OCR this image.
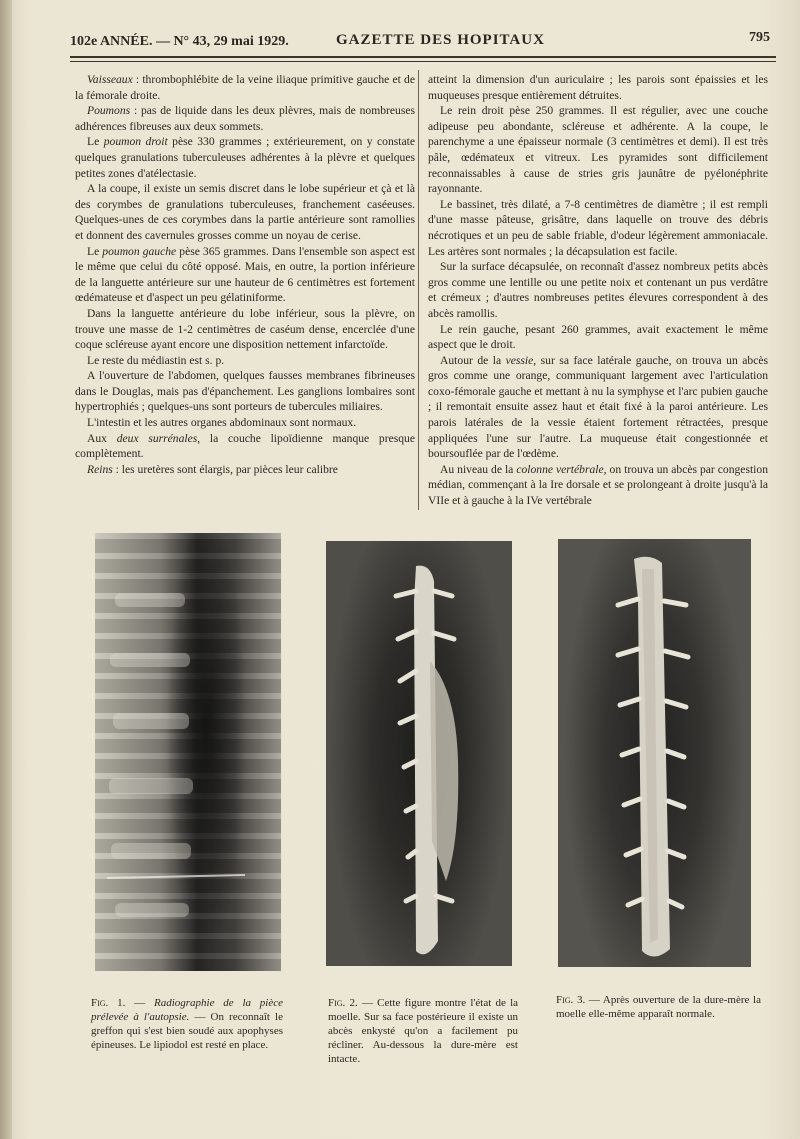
102e ANNÉE. — N° 43, 29 mai 1929.	GAZETTE DES HOPITAUX	795

Vaisseaux : thrombophlébite de la veine iliaque primitive gauche et de la fémorale droite.

Poumons : pas de liquide dans les deux plèvres, mais de nombreuses adhérences fibreuses aux deux sommets.

Le poumon droit pèse 330 grammes ; extérieurement, on y constate quelques granulations tuberculeuses adhérentes à la plèvre et quelques petites zones d'atélectasie.

A la coupe, il existe un semis discret dans le lobe supérieur et çà et là des corymbes de granulations tuberculeuses, franchement caséeuses. Quelques-unes de ces corymbes dans la partie antérieure sont ramollies et donnent des cavernules grosses comme un noyau de cerise.

Le poumon gauche pèse 365 grammes. Dans l'ensemble son aspect est le même que celui du côté opposé. Mais, en outre, la portion inférieure de la languette antérieure sur une hauteur de 6 centimètres est fortement œdémateuse et d'aspect un peu gélatiniforme.

Dans la languette antérieure du lobe inférieur, sous la plèvre, on trouve une masse de 1-2 centimètres de caséum dense, encerclée d'une coque scléreuse ayant encore une disposition nettement infarctoïde.

Le reste du médiastin est s. p.

A l'ouverture de l'abdomen, quelques fausses membranes fibrineuses dans le Douglas, mais pas d'épanchement. Les ganglions lombaires sont hypertrophiés ; quelques-uns sont porteurs de tubercules miliaires.

L'intestin et les autres organes abdominaux sont normaux.

Aux deux surrénales, la couche lipoïdienne manque presque complètement.

Reins : les uretères sont élargis, par pièces leur calibre

atteint la dimension d'un auriculaire ; les parois sont épaissies et les muqueuses presque entièrement détruites.

Le rein droit pèse 250 grammes. Il est régulier, avec une couche adipeuse peu abondante, scléreuse et adhérente. A la coupe, le parenchyme a une épaisseur normale (3 centimètres et demi). Il est très pâle, œdémateux et vitreux. Les pyramides sont difficilement reconnaissables à cause de stries gris jaunâtre de pyélonéphrite rayonnante.

Le bassinet, très dilaté, a 7-8 centimètres de diamètre ; il est rempli d'une masse pâteuse, grisâtre, dans laquelle on trouve des débris nécrotiques et un peu de sable friable, d'odeur légèrement ammoniacale. Les artères sont normales ; la décapsulation est facile.

Sur la surface décapsulée, on reconnaît d'assez nombreux petits abcès gros comme une lentille ou une petite noix et contenant un pus verdâtre et crémeux ; d'autres nombreuses petites élevures correspondent à des abcès ramollis.

Le rein gauche, pesant 260 grammes, avait exactement le même aspect que le droit.

Autour de la vessie, sur sa face latérale gauche, on trouva un abcès gros comme une orange, communiquant largement avec l'articulation coxo-fémorale gauche et mettant à nu la symphyse et l'arc pubien gauche ; il remontait ensuite assez haut et était fixé à la paroi antérieure. Les parois latérales de la vessie étaient fortement rétractées, presque appliquées l'une sur l'autre. La muqueuse était congestionnée et boursouflée par de l'œdème.

Au niveau de la colonne vertébrale, on trouva un abcès par congestion médian, commençant à la Ire dorsale et se prolongeant à droite jusqu'à la VIIe et à gauche à la IVe vertébrale

Fig. 1. — Radiographie de la pièce prélevée à l'autopsie. — On reconnaît le greffon qui s'est bien soudé aux apophyses épineuses. Le lipiodol est resté en place.
Fig. 2. — Cette figure montre l'état de la moelle. Sur sa face postérieure il existe un abcès enkysté qu'on a facilement pu récliner. Au-dessous la dure-mère est intacte.
Fig. 3. — Après ouverture de la dure-mère la moelle elle-même apparaît normale.
